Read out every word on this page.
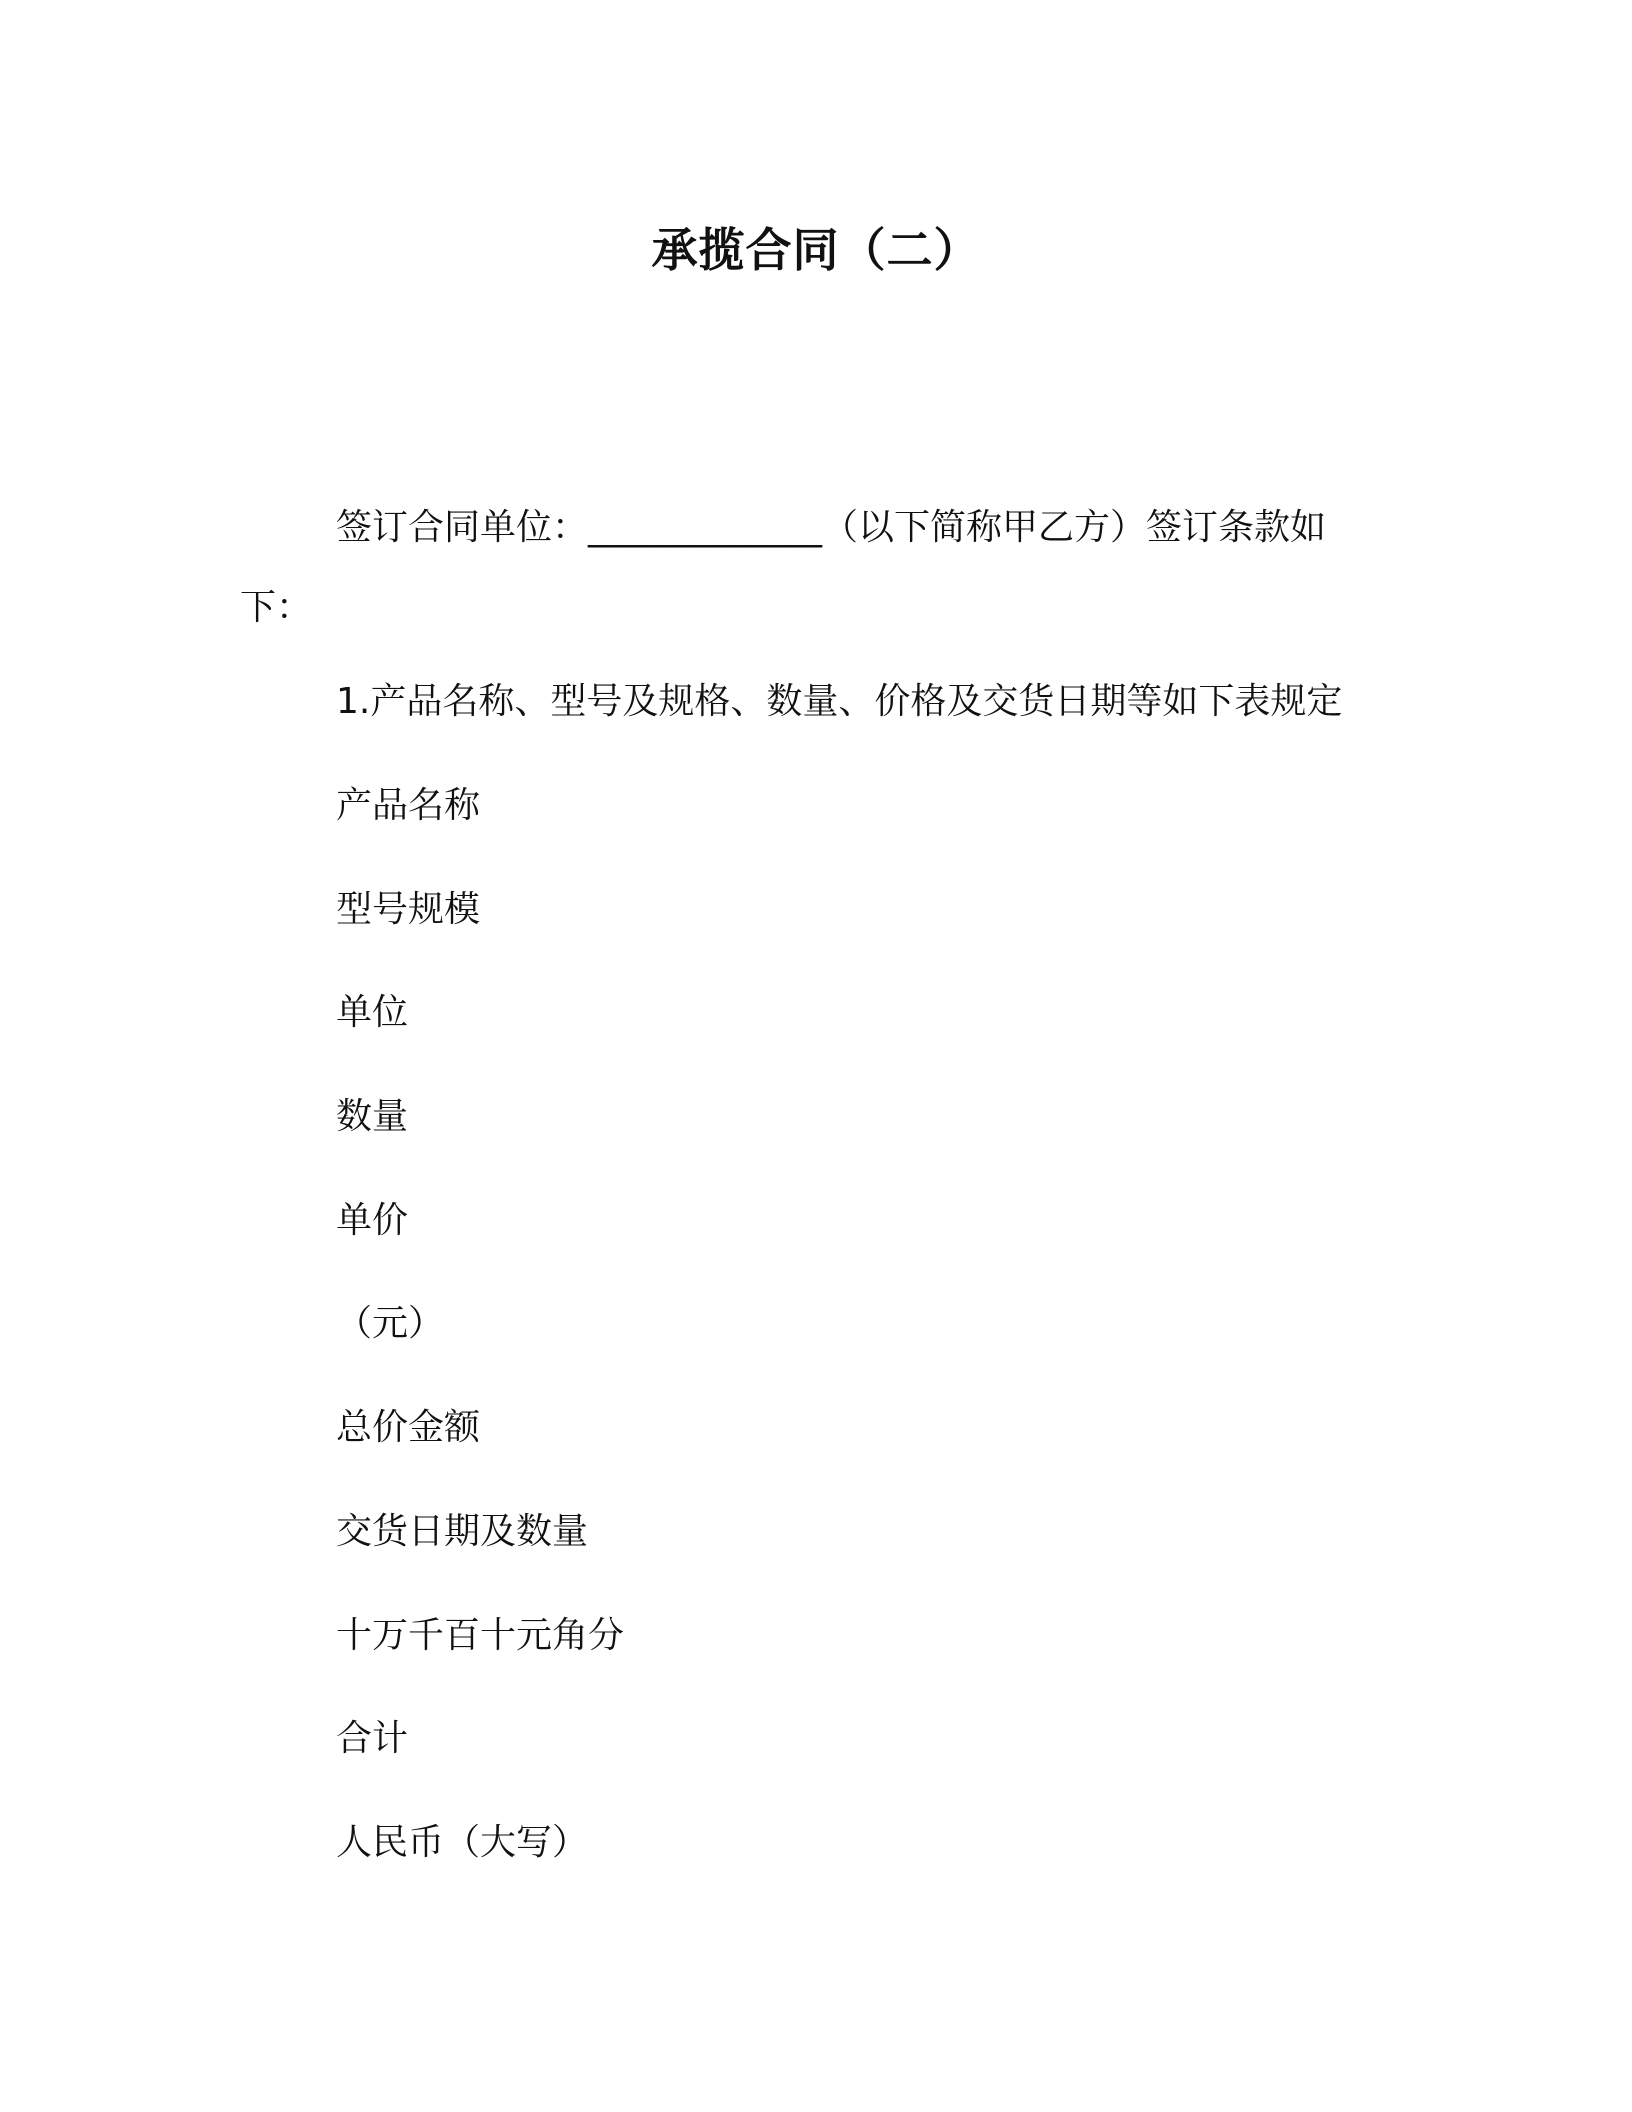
承揽合同（二）
签订合同单位：_____________（以下简称甲乙方）签订条款如下：
1.产品名称、型号及规格、数量、价格及交货日期等如下表规定
产品名称
型号规模
单位
数量
单价
（元）
总价金额
交货日期及数量
十万千百十元角分
合计
人民币（大写）
